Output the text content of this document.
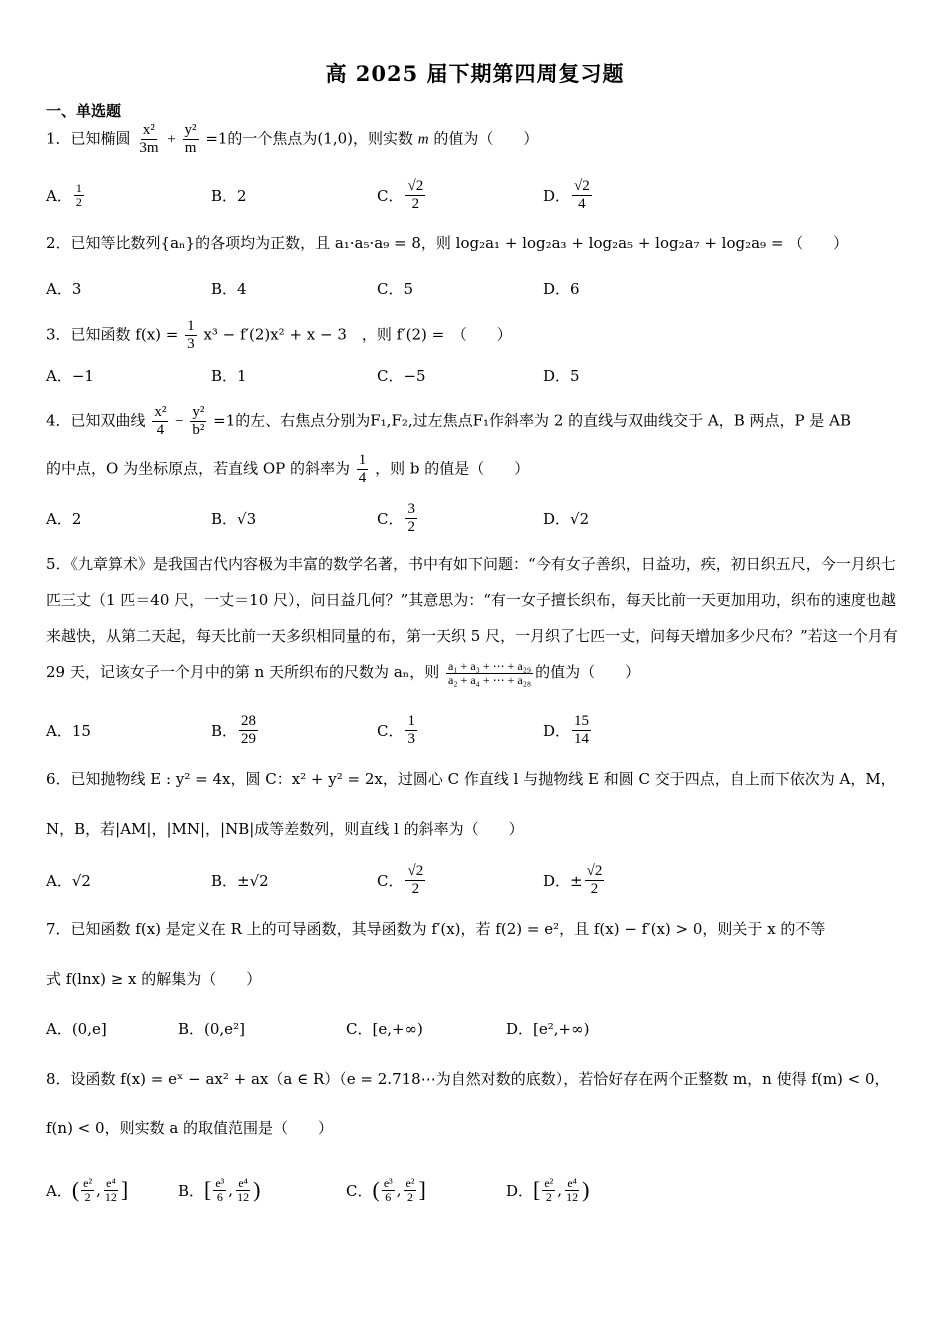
高 2025 届下期第四周复习题
一、单选题
1．已知椭圆 $\frac{\text{x²}}{3m} + \frac{\text{y²}}{m} =1$的一个焦点为(1,0)，则实数 m 的值为（　　）
A． $\frac{1}{2}$	B．2	C． $\frac{√2}{2}$	D． $\frac{√2}{4}$
2．已知等比数列{aₙ}的各项均为正数，且 a₁·a₅·a₉ = 8，则 log₂a₁ + log₂a₃ + log₂a₅ + log₂a₇ + log₂a₉ = （　　）
A．3	B．4	C．5	D．6
3．已知函数 $f(x) = \frac{1}{3} x^3 - f'(2)x^2 + x - 3$　，则 f′(2) =　（　　）
A．−1	B．1	C．−5	D．5
4．已知双曲线 $\frac{\text{x²}}{4} - \frac{\text{y²}}{\text{b²}} =1$的左、右焦点分别为F₁,F₂,过左焦点F₁作斜率为 2 的直线与双曲线交于 A，B 两点，P 是 AB
的中点，O 为坐标原点，若直线 OP 的斜率为 $\frac{1}{4}$ ，则 b 的值是（　　）
A．2	B．√3	C． $\frac{3}{2}$	D．√2
5．《九章算术》是我国古代内容极为丰富的数学名著，书中有如下问题：“今有女子善织，日益功，疾，初日织五尺，今一月织七匹三丈（1 匹＝40 尺，一丈＝10 尺），问日益几何？”其意思为：“有一女子擅长织布，每天比前一天更加用功，织布的速度也越来越快，从第二天起，每天比前一天多织相同量的布，第一天织 5 尺，一月织了七匹一丈，问每天增加多少尺布？”若这一个月有 29 天，记该女子一个月中的第 n 天所织布的尺数为 aₙ，则 $\frac{\text{a₁ + a₃ + ⋯ + a₂₉}}{\text{a₂ + a₄ + ⋯ + a₂₈}}$ 的值为（　　）
A．15	B． $\frac{28}{29}$	C． $\frac{1}{3}$	D． $\frac{15}{14}$
6．已知抛物线 E : y² = 4x，圆 C：x² + y² = 2x，过圆心 C 作直线 l 与抛物线 E 和圆 C 交于四点，自上而下依次为 A，M，
N，B，若|AM|，|MN|，|NB|成等差数列，则直线 l 的斜率为（　　）
A．√2	B．±√2	C． $\frac{√2}{2}$	D．± $\frac{√2}{2}$
7．已知函数 f(x) 是定义在 R 上的可导函数，其导函数为 f′(x)，若 f(2) = e²，且 f(x) − f′(x) > 0，则关于 x 的不等
式 f(lnx) ≥ x 的解集为（　　）
A．(0,e]	B．(0,e²]	C．[e,+∞)	D．[e²,+∞)
8．设函数 f(x) = eˣ − ax² + ax（a ∈ R）（e = 2.718⋯为自然对数的底数），若恰好存在两个正整数 m，n 使得 f(m) < 0，
f(n) < 0，则实数 a 的取值范围是（　　）
A． ( $\frac{\text{e²}}{2}$ , $\frac{\text{e⁴}}{12}$ ]	B． [ $\frac{\text{e³}}{6}$ , $\frac{\text{e⁴}}{12}$ )	C． ( $\frac{\text{e³}}{6}$ , $\frac{\text{e²}}{2}$ ]	D． [ $\frac{\text{e²}}{2}$ , $\frac{\text{e⁴}}{12}$ )
